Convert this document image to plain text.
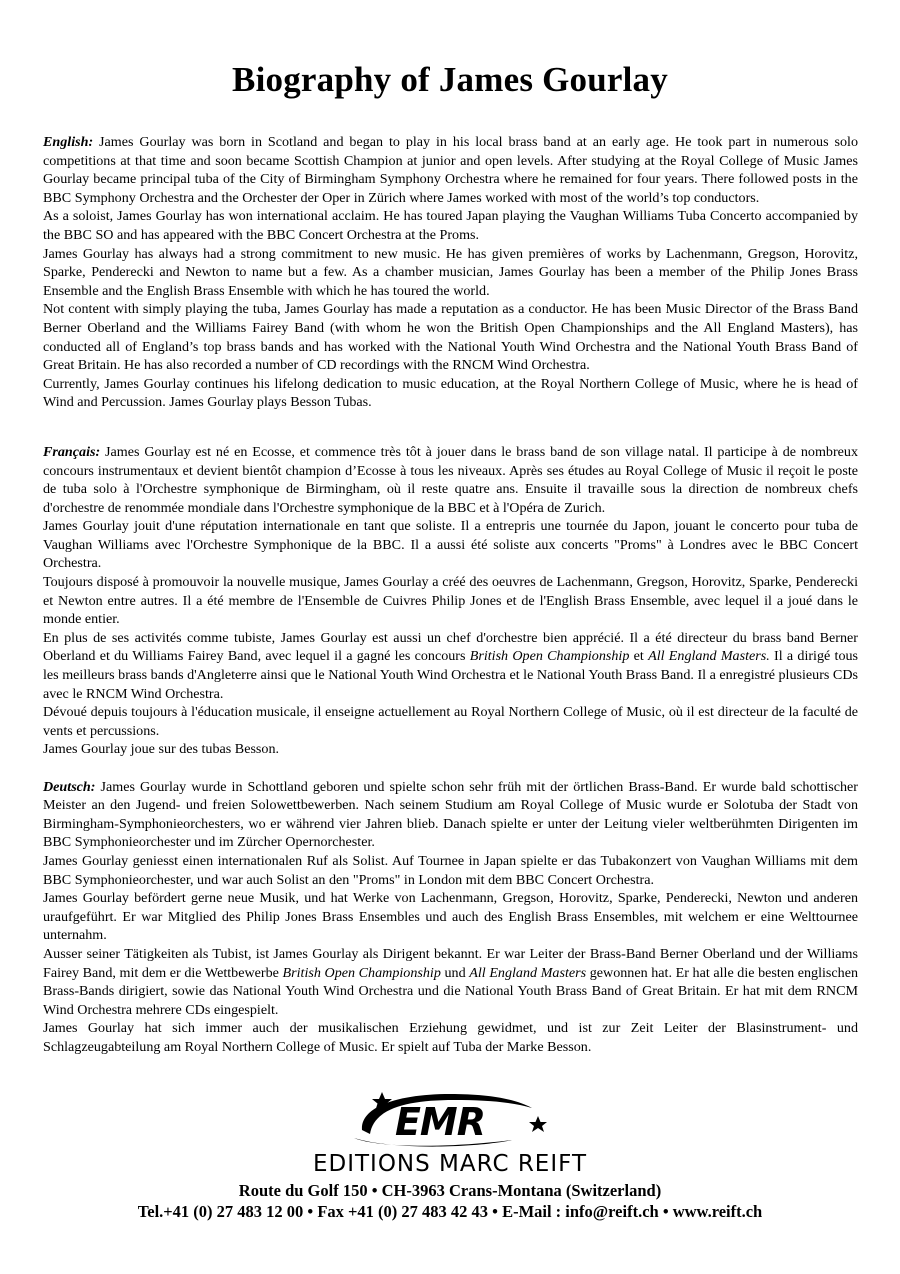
Biography of James Gourlay

English: James Gourlay was born in Scotland and began to play in his local brass band at an early age. He took part in numerous solo competitions at that time and soon became Scottish Champion at junior and open levels. After studying at the Royal College of Music James Gourlay became principal tuba of the City of Birmingham Symphony Orchestra where he remained for four years. There followed posts in the BBC Symphony Orchestra and the Orchester der Oper in Zürich where James worked with most of the world’s top conductors.

As a soloist, James Gourlay has won international acclaim. He has toured Japan playing the Vaughan Williams Tuba Concerto accompanied by the BBC SO and has appeared with the BBC Concert Orchestra at the Proms.

James Gourlay has always had a strong commitment to new music. He has given premières of works by Lachenmann, Gregson, Horovitz, Sparke, Penderecki and Newton to name but a few. As a chamber musician, James Gourlay has been a member of the Philip Jones Brass Ensemble and the English Brass Ensemble with which he has toured the world.

Not content with simply playing the tuba, James Gourlay has made a reputation as a conductor. He has been Music Director of the Brass Band Berner Oberland and the Williams Fairey Band (with whom he won the British Open Championships and the All England Masters), has conducted all of England’s top brass bands and has worked with the National Youth Wind Orchestra and the National Youth Brass Band of Great Britain. He has also recorded a number of CD recordings with the RNCM Wind Orchestra.

Currently, James Gourlay continues his lifelong dedication to music education, at the Royal Northern College of Music, where he is head of Wind and Percussion. James Gourlay plays Besson Tubas.

Français: James Gourlay est né en Ecosse, et commence très tôt à jouer dans le brass band de son village natal. Il participe à de nombreux concours instrumentaux et devient bientôt champion d’Ecosse à tous les niveaux. Après ses études au Royal College of Music il reçoit le poste de tuba solo à l'Orchestre symphonique de Birmingham, où il reste quatre ans. Ensuite il travaille sous la direction de nombreux chefs d'orchestre de renommée mondiale dans l'Orchestre symphonique de la BBC et à l'Opéra de Zurich.

James Gourlay jouit d'une réputation internationale en tant que soliste. Il a entrepris une tournée du Japon, jouant le concerto pour tuba de Vaughan Williams avec l'Orchestre Symphonique de la BBC. Il a aussi été soliste aux concerts "Proms" à Londres avec le BBC Concert Orchestra.

Toujours disposé à promouvoir la nouvelle musique, James Gourlay a créé des oeuvres de Lachenmann, Gregson, Horovitz, Sparke, Penderecki et Newton entre autres. Il a été membre de l'Ensemble de Cuivres Philip Jones et de l'English Brass Ensemble, avec lequel il a joué dans le monde entier.

En plus de ses activités comme tubiste, James Gourlay est aussi un chef d'orchestre bien apprécié. Il a été directeur du brass band Berner Oberland et du Williams Fairey Band, avec lequel il a gagné les concours British Open Championship et All England Masters. Il a dirigé tous les meilleurs brass bands d'Angleterre ainsi que le National Youth Wind Orchestra et le National Youth Brass Band. Il a enregistré plusieurs CDs avec le RNCM Wind Orchestra.

Dévoué depuis toujours à l'éducation musicale, il enseigne actuellement au Royal Northern College of Music, où il est directeur de la faculté de vents et percussions.

James Gourlay joue sur des tubas Besson.

Deutsch: James Gourlay wurde in Schottland geboren und spielte schon sehr früh mit der örtlichen Brass-Band. Er wurde bald schottischer Meister an den Jugend- und freien Solowettbewerben. Nach seinem Studium am Royal College of Music wurde er Solotuba der Stadt von Birmingham-Symphonieorchesters, wo er während vier Jahren blieb. Danach spielte er unter der Leitung vieler weltberühmten Dirigenten im BBC Symphonieorchester und im Zürcher Opernorchester.

James Gourlay geniesst einen internationalen Ruf als Solist. Auf Tournee in Japan spielte er das Tubakonzert von Vaughan Williams mit dem BBC Symphonieorchester, und war auch Solist an den "Proms" in London mit dem BBC Concert Orchestra.

James Gourlay befördert gerne neue Musik, und hat Werke von Lachenmann, Gregson, Horovitz, Sparke, Penderecki, Newton und anderen uraufgeführt. Er war Mitglied des Philip Jones Brass Ensembles und auch des English Brass Ensembles, mit welchem er eine Welttournee unternahm.

Ausser seiner Tätigkeiten als Tubist, ist James Gourlay als Dirigent bekannt. Er war Leiter der Brass-Band Berner Oberland und der Williams Fairey Band, mit dem er die Wettbewerbe British Open Championship und All England Masters gewonnen hat. Er hat alle die besten englischen Brass-Bands dirigiert, sowie das National Youth Wind Orchestra und die National Youth Brass Band of Great Britain. Er hat mit dem RNCM Wind Orchestra mehrere CDs eingespielt.

James Gourlay hat sich immer auch der musikalischen Erziehung gewidmet, und ist zur Zeit Leiter der Blasinstrument- und Schlagzeugabteilung am Royal Northern College of Music. Er spielt auf Tuba der Marke Besson.

EMR
EDITIONS MARC REIFT
Route du Golf 150 • CH-3963 Crans-Montana (Switzerland)
Tel.+41 (0) 27 483 12 00 • Fax +41 (0) 27 483 42 43 • E-Mail : info@reift.ch • www.reift.ch
